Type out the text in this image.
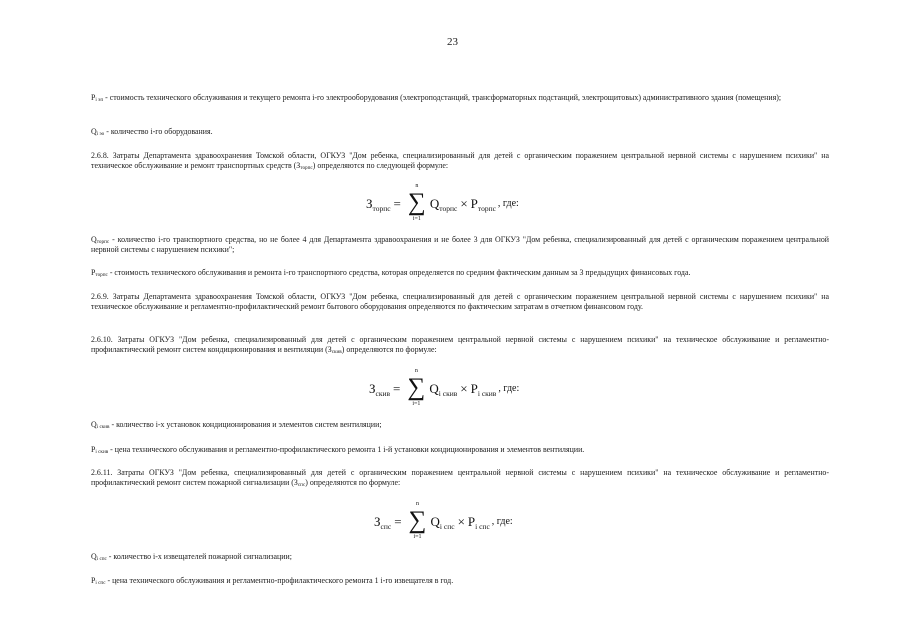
23

$P_{i эп}$ - стоимость технического обслуживания и текущего ремонта i-го электрооборудования (электроподстанций, трансформаторных подстанций, электрощитовых) административного здания (помещения);

$Q_{i эо}$ - количество i-го оборудования.

2.6.8. Затраты Департамента здравоохранения Томской области, ОГКУЗ "Дом ребенка, специализированный для детей с органическим поражением центральной нервной системы с нарушением психики" на техническое обслуживание и ремонт транспортных средств $(З_{торпс})$ определяются по следующей формуле:

$З_{торпс}$ =
n
∑
i=1
$Q_{торпс} \times P_{торпс}$ , где:

$Q_{торпс}$ - количество i-го транспортного средства, но не более 4 для Департамента здравоохранения и не более 3 для ОГКУЗ "Дом ребенка, специализированный для детей с органическим поражением центральной нервной системы с нарушением психики";

$P_{торпс}$ - стоимость технического обслуживания и ремонта i-го транспортного средства, которая определяется по средним фактическим данным за 3 предыдущих финансовых года.

2.6.9. Затраты Департамента здравоохранения Томской области, ОГКУЗ "Дом ребенка, специализированный для детей с органическим поражением центральной нервной системы с нарушением психики" на техническое обслуживание и регламентно-профилактический ремонт бытового оборудования определяются по фактическим затратам в отчетном финансовом году.

2.6.10. Затраты ОГКУЗ "Дом ребенка, специализированный для детей с органическим поражением центральной нервной системы с нарушением психики" на техническое обслуживание и регламентно-профилактический ремонт систем кондиционирования и вентиляции $(З_{скив})$ определяются по формуле:

$З_{скив}$ =
n
∑
i=1
$Q_{i скив} \times P_{i скив}$ , где:

$Q_{i скив}$ - количество i-х установок кондиционирования и элементов систем вентиляции;

$P_{i скив}$ - цена технического обслуживания и регламентно-профилактического ремонта 1 i-й установки кондиционирования и элементов вентиляции.

2.6.11. Затраты ОГКУЗ "Дом ребенка, специализированный для детей с органическим поражением центральной нервной системы с нарушением психики" на техническое обслуживание и регламентно-профилактический ремонт систем пожарной сигнализации $(З_{спс})$ определяются по формуле:

$З_{спс}$ =
n
∑
i=1
$Q_{i спс} \times P_{i спс}$ , где:

$Q_{i спс}$ - количество i-х извещателей пожарной сигнализации;

$P_{i спс}$ - цена технического обслуживания и регламентно-профилактического ремонта 1 i-го извещателя в год.
